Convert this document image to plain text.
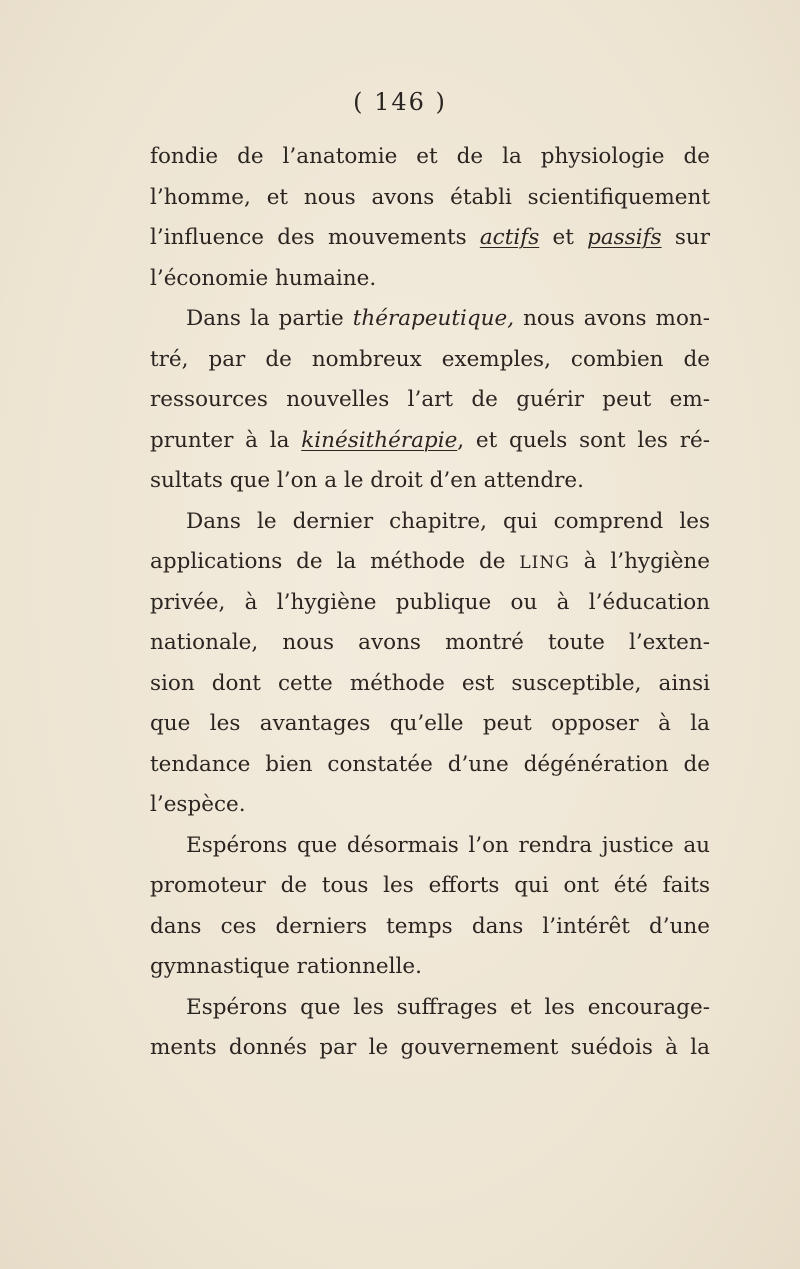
( 146 )
fondie de l’anatomie et de la physiologie de
l’homme, et nous avons établi scientifiquement
l’influence des mouvements actifs et passifs sur
l’économie humaine.
Dans la partie thérapeutique, nous avons mon-
tré, par de nombreux exemples, combien de
ressources nouvelles l’art de guérir peut em-
prunter à la kinésithérapie, et quels sont les ré-
sultats que l’on a le droit d’en attendre.
Dans le dernier chapitre, qui comprend les
applications de la méthode de LING à l’hygiène
privée, à l’hygiène publique ou à l’éducation
nationale, nous avons montré toute l’exten-
sion dont cette méthode est susceptible, ainsi
que les avantages qu’elle peut opposer à la
tendance bien constatée d’une dégénération de
l’espèce.
Espérons que désormais l’on rendra justice au
promoteur de tous les efforts qui ont été faits
dans ces derniers temps dans l’intérêt d’une
gymnastique rationnelle.
Espérons que les suffrages et les encourage-
ments donnés par le gouvernement suédois à la
